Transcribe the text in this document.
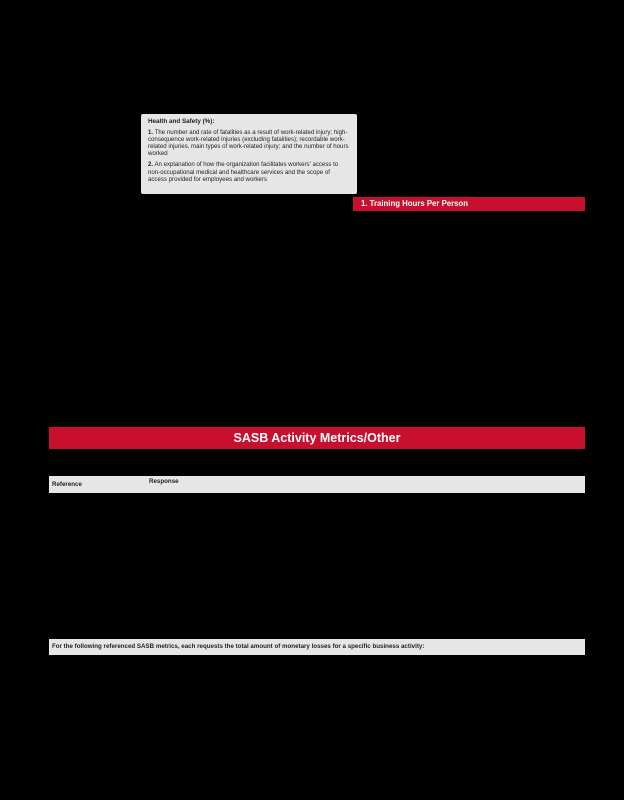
Health and Safety (%):
1. The number and rate of fatalities as a result of work-related injury; high-consequence work-related injuries (excluding fatalities); recordable work-related injuries, main types of work-related injury; and the number of hours worked
2. An explanation of how the organization facilitates workers' access to non-occupational medical and healthcare services and the scope of access provided for employees and workers
1. Training Hours Per Person
SASB Activity Metrics/Other
Reference	Response
For the following referenced SASB metrics, each requests the total amount of monetary losses for a specific business activity:
